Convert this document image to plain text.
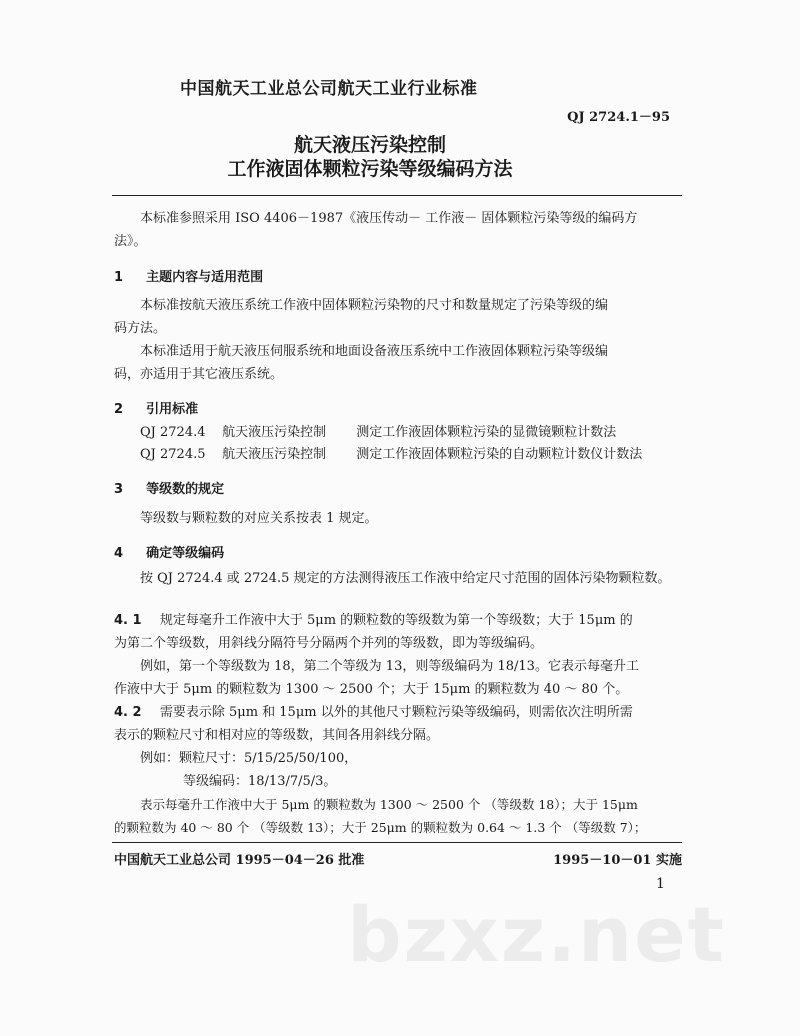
中国航天工业总公司航天工业行业标准
QJ 2724.1－95
航天液压污染控制
工作液固体颗粒污染等级编码方法
本标准参照采用 ISO 4406－1987《液压传动－ 工作液－ 固体颗粒污染等级的编码方
法》。
1 主题内容与适用范围
本标准按航天液压系统工作液中固体颗粒污染物的尺寸和数量规定了污染等级的编
码方法。
本标准适用于航天液压伺服系统和地面设备液压系统中工作液固体颗粒污染等级编
码，亦适用于其它液压系统。
2 引用标准
QJ 2724.4 航天液压污染控制 测定工作液固体颗粒污染的显微镜颗粒计数法
QJ 2724.5 航天液压污染控制 测定工作液固体颗粒污染的自动颗粒计数仪计数法
3 等级数的规定
等级数与颗粒数的对应关系按表 1 规定。
4 确定等级编码
按 QJ 2724.4 或 2724.5 规定的方法测得液压工作液中给定尺寸范围的固体污染物颗粒数。
4. 1 规定每毫升工作液中大于 5μm 的颗粒数的等级数为第一个等级数；大于 15μm 的
为第二个等级数，用斜线分隔符号分隔两个并列的等级数，即为等级编码。
例如，第一个等级数为 18，第二个等级为 13，则等级编码为 18/13。它表示每毫升工
作液中大于 5μm 的颗粒数为 1300 ～ 2500 个；大于 15μm 的颗粒数为 40 ～ 80 个。
4. 2 需要表示除 5μm 和 15μm 以外的其他尺寸颗粒污染等级编码，则需依次注明所需
表示的颗粒尺寸和相对应的等级数，其间各用斜线分隔。
例如：颗粒尺寸：5/15/25/50/100，
等级编码：18/13/7/5/3。
表示每毫升工作液中大于 5μm 的颗粒数为 1300 ～ 2500 个 （等级数 18）；大于 15μm
的颗粒数为 40 ～ 80 个 （等级数 13）；大于 25μm 的颗粒数为 0.64 ～ 1.3 个 （等级数 7）；
中国航天工业总公司 1995－04－26 批准	1995－10－01 实施
1
bzxz.net
